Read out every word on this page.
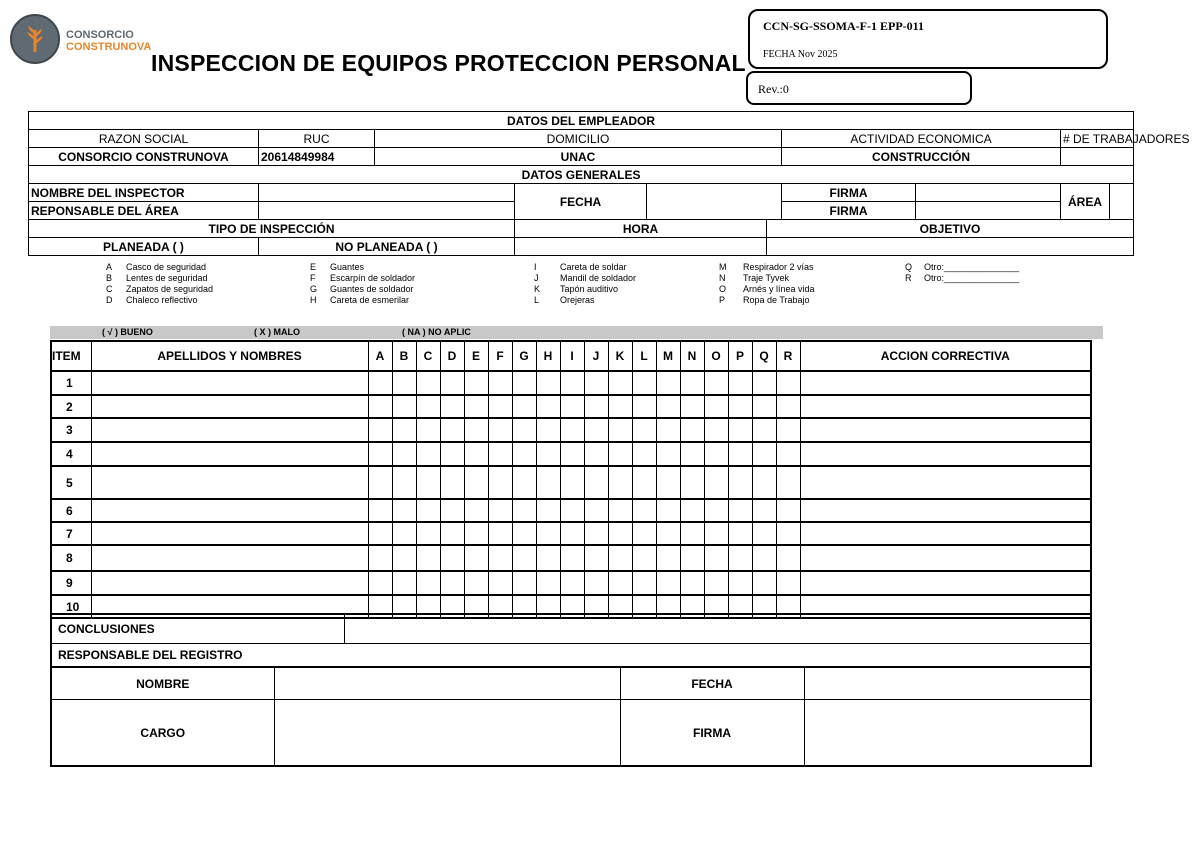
CONSORCIO
CONSTRUNOVA
INSPECCION DE EQUIPOS PROTECCION PERSONAL
CCN-SG-SSOMA-F-1 EPP-011
FECHA Nov 2025
Rev.:0
DATOS DEL EMPLEADOR									
RAZON SOCIAL	RUC	DOMICILIO				ACTIVIDAD ECONOMICA		# DE TRABAJADORES	
CONSORCIO CONSTRUNOVA	20614849984	UNAC				CONSTRUCCIÓN			
DATOS GENERALES									
NOMBRE DEL INSPECTOR			FECHA			FIRMA		ÁREA	
REPONSABLE DEL ÁREA						FIRMA			
TIPO DE INSPECCIÓN			HORA		OBJETIVO				
PLANEADA ( )	NO PLANEADA ( )								
A Casco de seguridad
B Lentes de seguridad
C Zapatos de seguridad
D Chaleco reflectivo
E Guantes
F Escarpín de soldador
G Guantes de soldador
H Careta de esmerilar
I	Careta de soldar
J Mandil de soldador
K Tapón auditivo
L Orejeras
M Respirador 2 vías
N Traje Tyvek
O Arnés y línea vida
P Ropa de Trabajo
Q Otro:_______________
R Otro:_______________
( √ ) BUENO	( X ) MALO	( NA ) NO APLIC
ITEM	APELLIDOS Y NOMBRES	A	B	C	D	E	F	G	H	I	J	K	L	M	N	O	P	Q	R	ACCION CORRECTIVA
1																				
2																				
3																				
4																				
5																				
6																				
7																				
8																				
9																				
10																				
CONCLUSIONES	
RESPONSABLE DEL REGISTRO
NOMBRE		FECHA	
CARGO		FIRMA	
